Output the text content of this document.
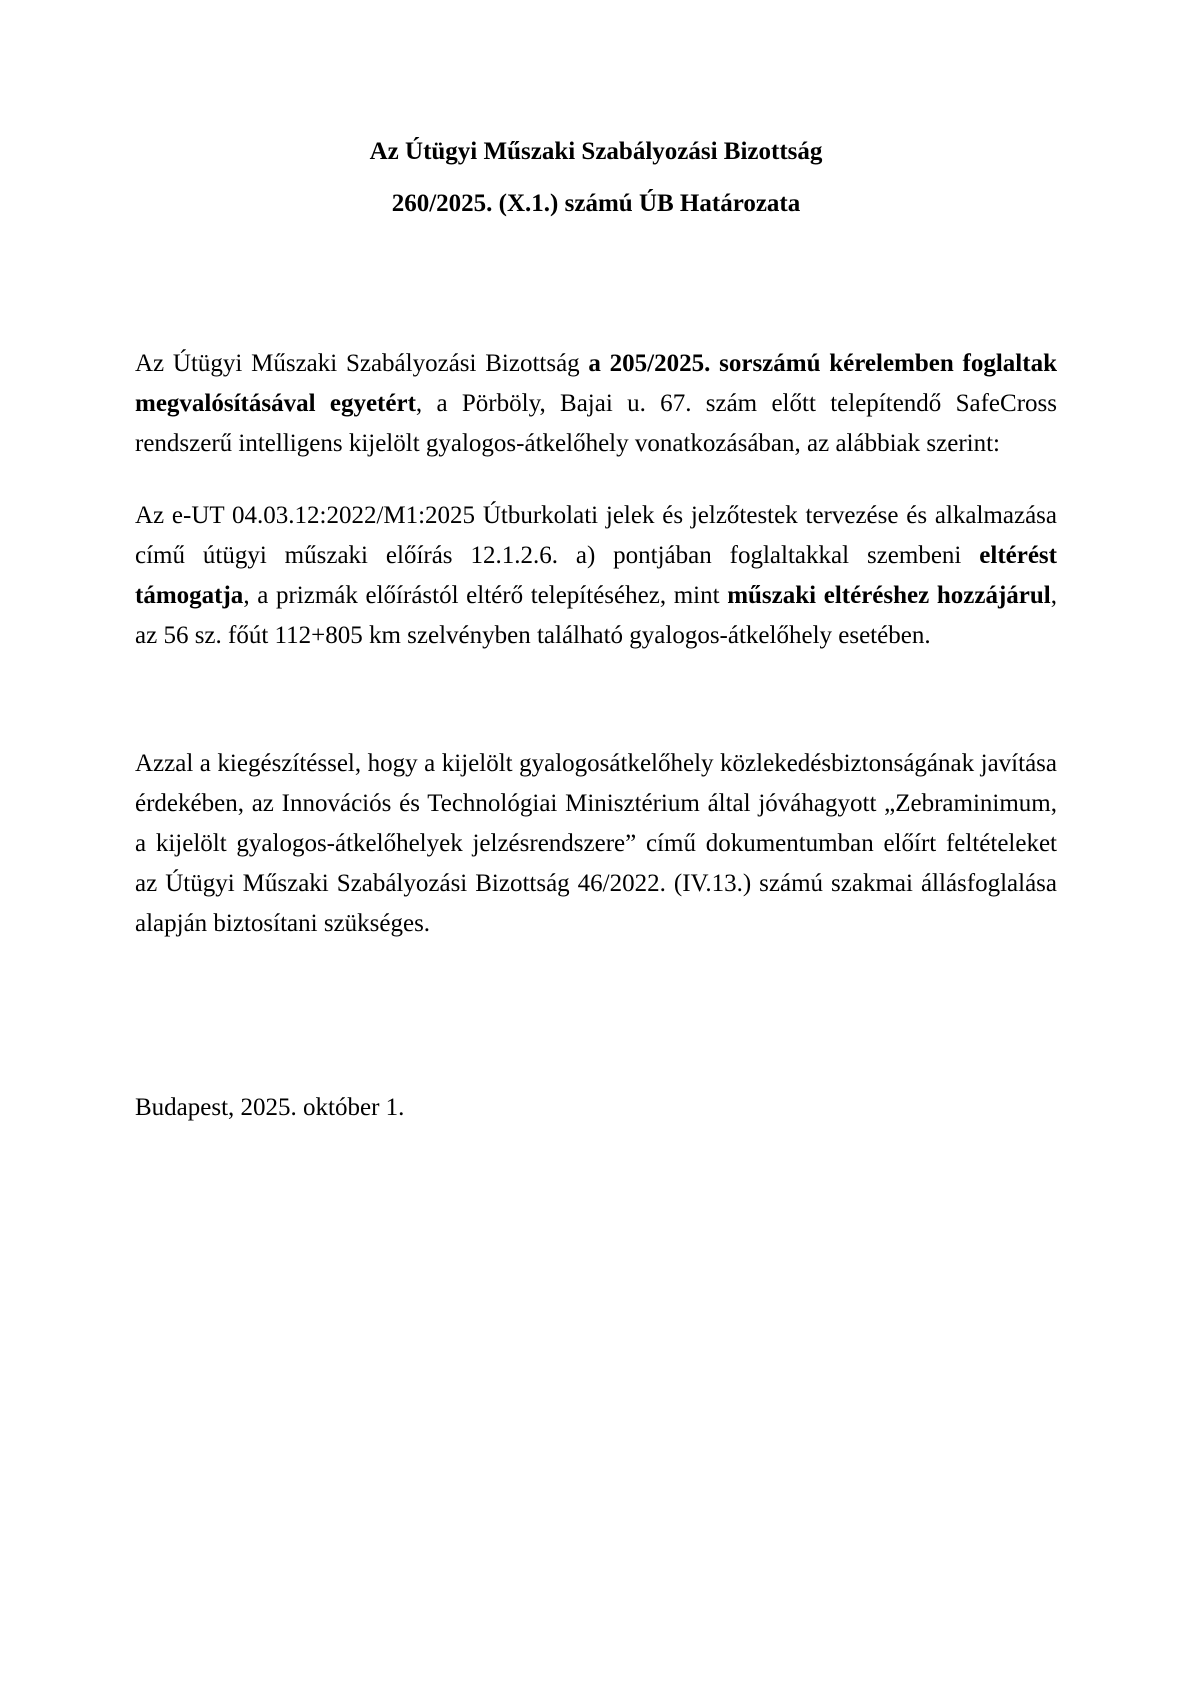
Az Útügyi Műszaki Szabályozási Bizottság

260/2025. (X.1.) számú ÚB Határozata

Az Útügyi Műszaki Szabályozási Bizottság a 205/2025. sorszámú kérelemben foglaltak megvalósításával egyetért, a Pörböly, Bajai u. 67. szám előtt telepítendő SafeCross rendszerű intelligens kijelölt gyalogos-átkelőhely vonatkozásában, az alábbiak szerint:

Az e-UT 04.03.12:2022/M1:2025 Útburkolati jelek és jelzőtestek tervezése és alkalmazása című útügyi műszaki előírás 12.1.2.6. a) pontjában foglaltakkal szembeni eltérést támogatja, a prizmák előírástól eltérő telepítéséhez, mint műszaki eltéréshez hozzájárul, az 56 sz. főút 112+805 km szelvényben található gyalogos-átkelőhely esetében.

Azzal a kiegészítéssel, hogy a kijelölt gyalogosátkelőhely közlekedésbiztonságának javítása érdekében, az Innovációs és Technológiai Minisztérium által jóváhagyott „Zebraminimum, a kijelölt gyalogos-átkelőhelyek jelzésrendszere” című dokumentumban előírt feltételeket az Útügyi Műszaki Szabályozási Bizottság 46/2022. (IV.13.) számú szakmai állásfoglalása alapján biztosítani szükséges.

Budapest, 2025. október 1.
